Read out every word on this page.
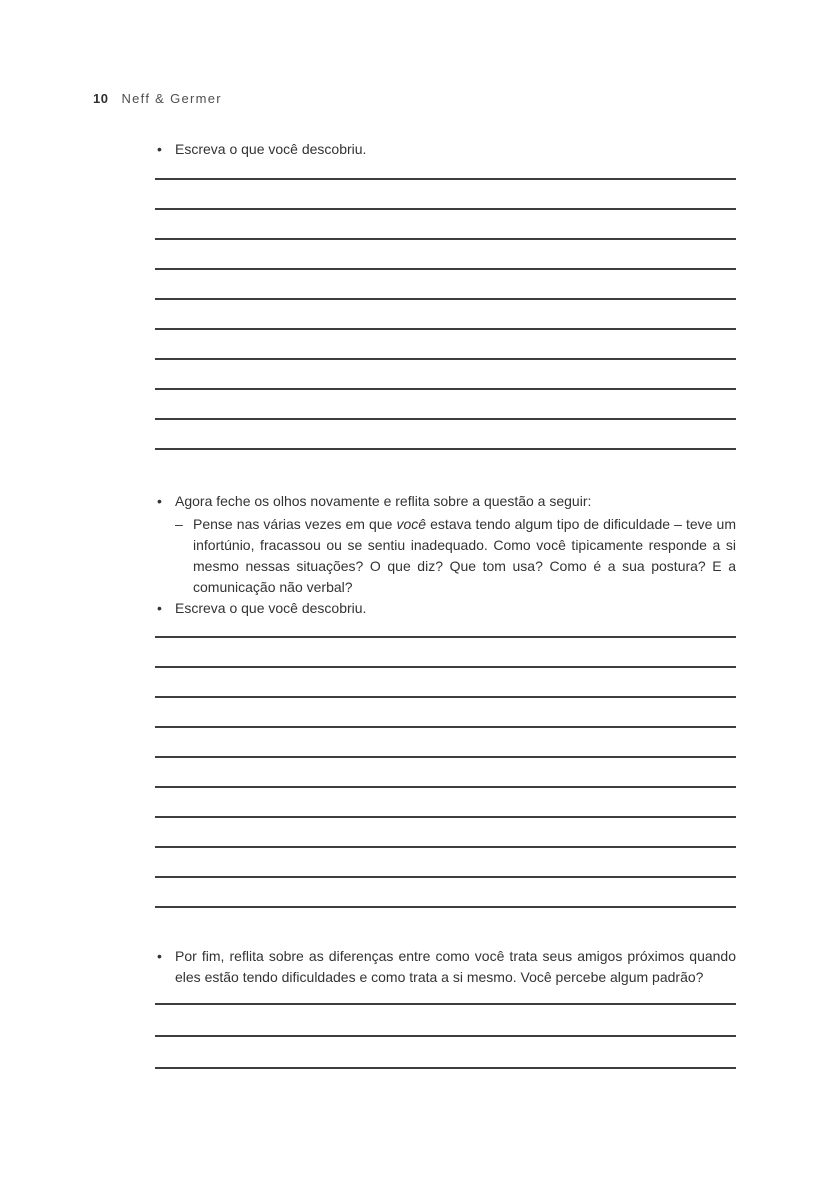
10 Neff & Germer
• Escreva o que você descobriu.
• Agora feche os olhos novamente e reflita sobre a questão a seguir:
– Pense nas várias vezes em que você estava tendo algum tipo de dificuldade – teve um infortúnio, fracassou ou se sentiu inadequado. Como você tipicamente responde a si mesmo nessas situações? O que diz? Que tom usa? Como é a sua postura? E a comunicação não verbal?
• Escreva o que você descobriu.
• Por fim, reflita sobre as diferenças entre como você trata seus amigos próximos quando eles estão tendo dificuldades e como trata a si mesmo. Você percebe algum padrão?
